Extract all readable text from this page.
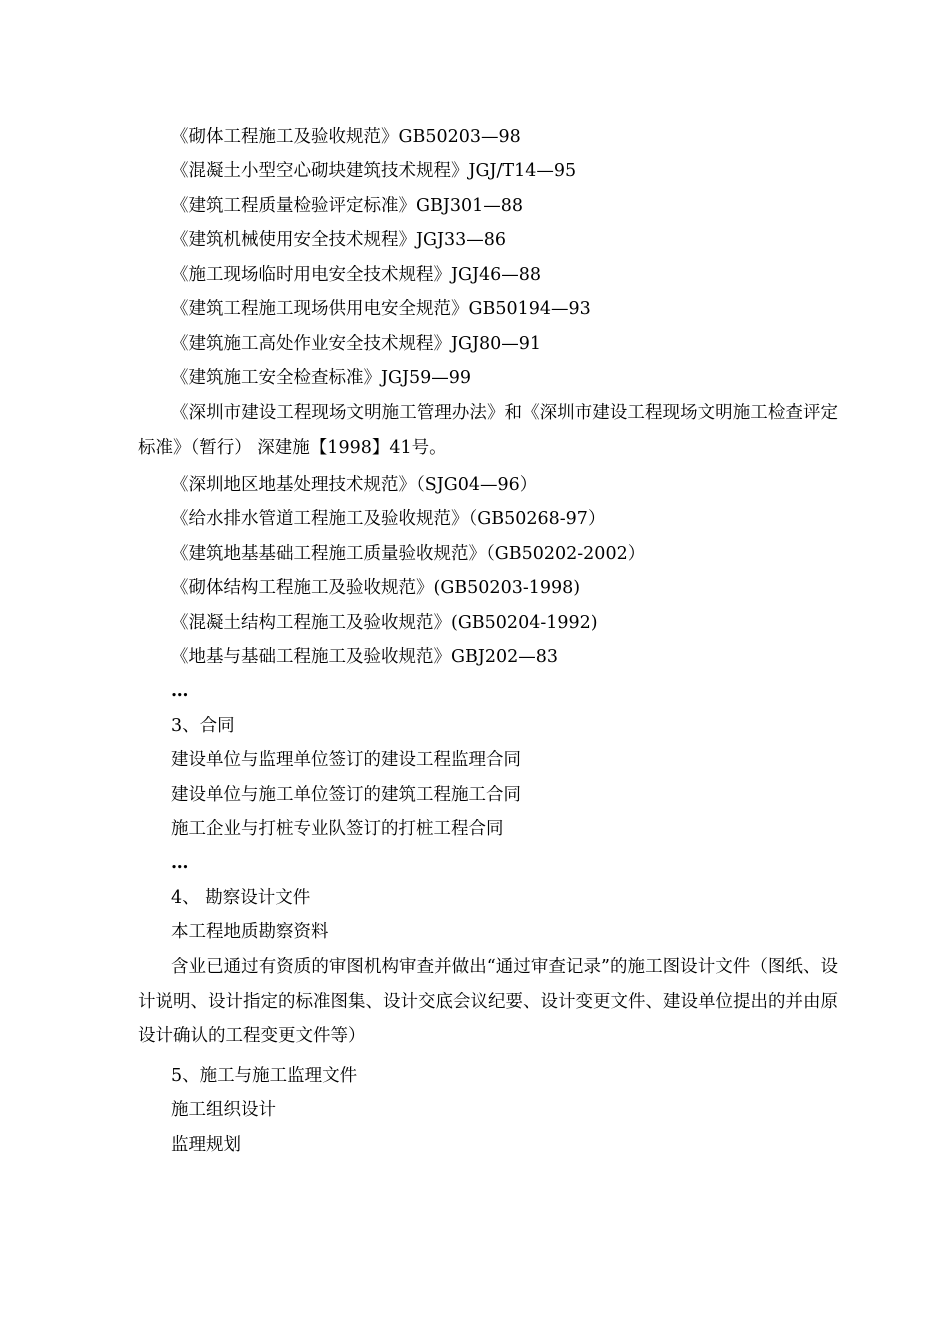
《砌体工程施工及验收规范》GB50203—98
《混凝土小型空心砌块建筑技术规程》JGJ/T14—95
《建筑工程质量检验评定标准》GBJ301—88
《建筑机械使用安全技术规程》JGJ33—86
《施工现场临时用电安全技术规程》JGJ46—88
《建筑工程施工现场供用电安全规范》GB50194—93
《建筑施工高处作业安全技术规程》JGJ80—91
《建筑施工安全检查标准》JGJ59—99
《深圳市建设工程现场文明施工管理办法》和《深圳市建设工程现场文明施工检查评定标准》（暂行） 深建施【1998】41号。
《深圳地区地基处理技术规范》（SJG04—96）
《给水排水管道工程施工及验收规范》（GB50268-97）
《建筑地基基础工程施工质量验收规范》（GB50202-2002）
《砌体结构工程施工及验收规范》(GB50203-1998)
《混凝土结构工程施工及验收规范》(GB50204-1992)
《地基与基础工程施工及验收规范》GBJ202—83
…
3、合同
建设单位与监理单位签订的建设工程监理合同
建设单位与施工单位签订的建筑工程施工合同
施工企业与打桩专业队签订的打桩工程合同
…
4、 勘察设计文件
本工程地质勘察资料
含业已通过有资质的审图机构审查并做出“通过审查记录”的施工图设计文件（图纸、设计说明、设计指定的标准图集、设计交底会议纪要、设计变更文件、建设单位提出的并由原设计确认的工程变更文件等）
5、施工与施工监理文件
施工组织设计
监理规划
